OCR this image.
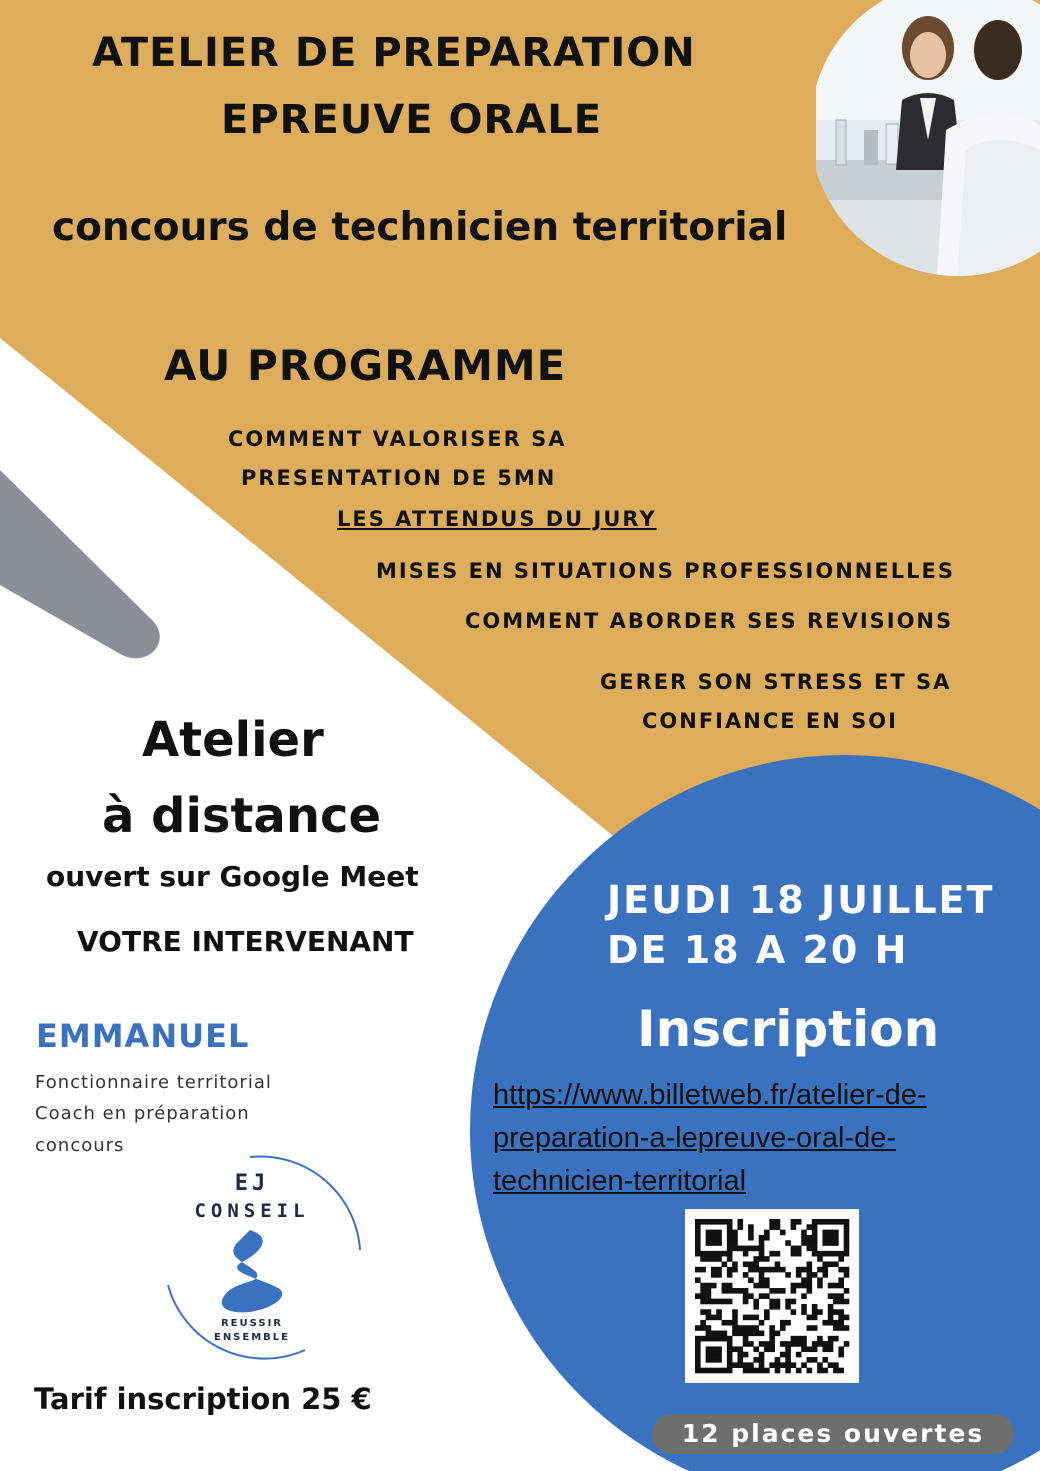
ATELIER DE PREPARATION

EPREUVE ORALE

concours de technicien territorial

AU PROGRAMME

COMMENT VALORISER SA

PRESENTATION DE 5MN

LES ATTENDUS DU JURY

MISES EN SITUATIONS PROFESSIONNELLES

COMMENT ABORDER SES REVISIONS

GERER SON STRESS ET SA

CONFIANCE EN SOI

Atelier

à distance

ouvert sur Google Meet

VOTRE INTERVENANT

EMMANUEL

Fonctionnaire territorial

Coach en préparation

concours

EJ
CONSEIL
REUSSIR
ENSEMBLE

Tarif inscription 25 €

JEUDI 18 JUILLET

DE 18 A 20 H

Inscription

https://www.billetweb.fr/atelier-de-
preparation-a-lepreuve-oral-de-
technicien-territorial
12 places ouvertes
